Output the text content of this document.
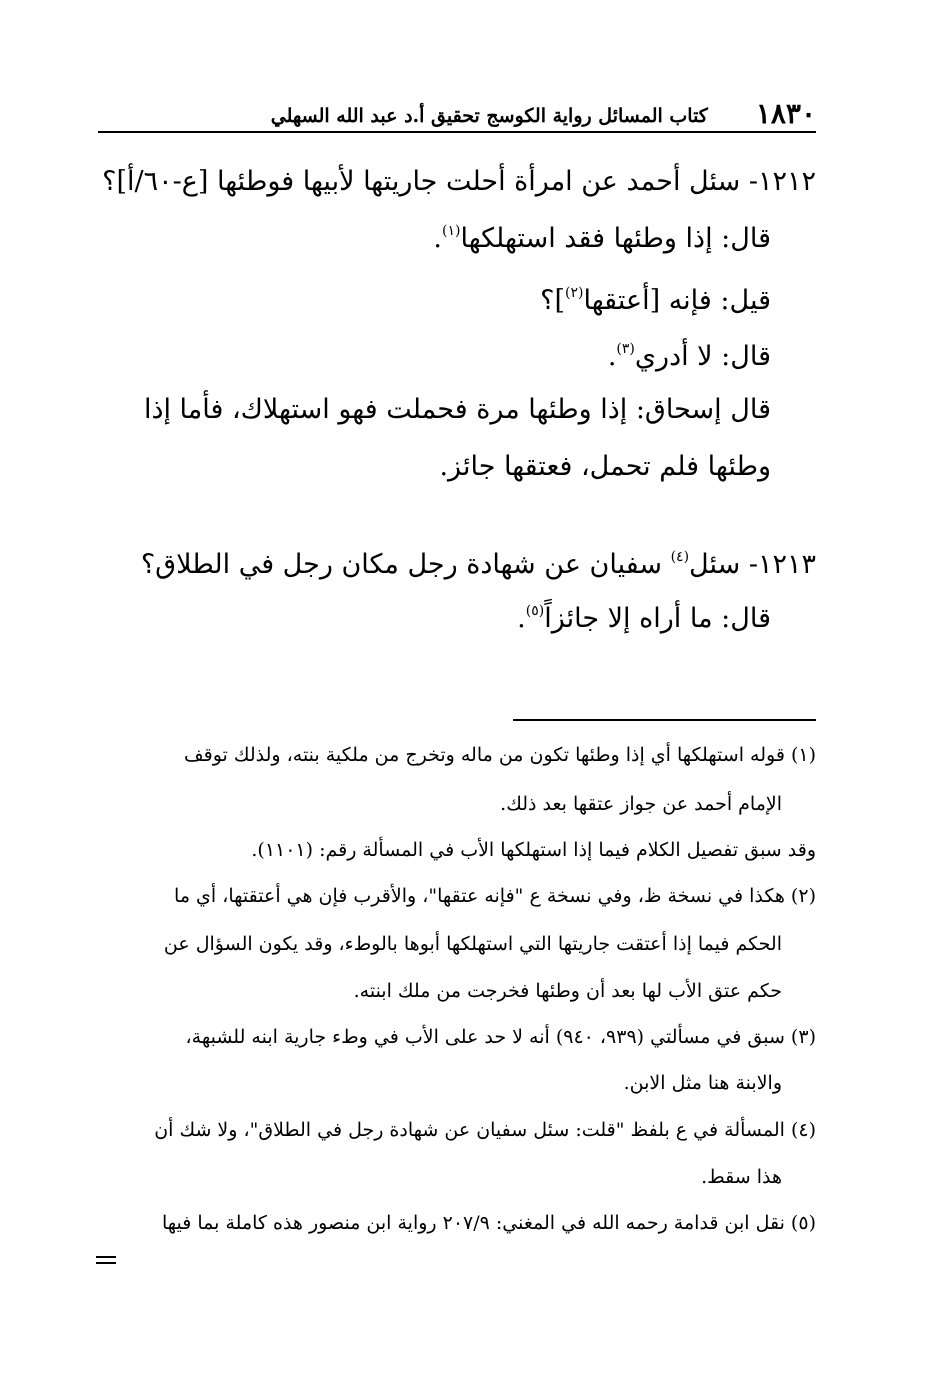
١٨٣٠
كتاب المسائل رواية الكوسج تحقيق أ.د عبد الله السهلي
١٢١٢- سئل أحمد عن امرأة أحلت جاريتها لأبيها فوطئها [ع-٦٠/أ]؟
قال: إذا وطئها فقد استهلكها$^{(١)}$.
قيل: فإنه [أعتقها$^{(٢)}$]؟
قال: لا أدري$^{(٣)}$.
قال إسحاق: إذا وطئها مرة فحملت فهو استهلاك، فأما إذا
وطئها فلم تحمل، فعتقها جائز.
١٢١٣- سئل$^{(٤)}$ سفيان عن شهادة رجل مكان رجل في الطلاق؟
قال: ما أراه إلا جائزاً$^{(٥)}$.
(١) قوله استهلكها أي إذا وطئها تكون من ماله وتخرج من ملكية بنته، ولذلك توقف
الإمام أحمد عن جواز عتقها بعد ذلك.
وقد سبق تفصيل الكلام فيما إذا استهلكها الأب في المسألة رقم: (١١٠١).
(٢) هكذا في نسخة ظ، وفي نسخة ع "فإنه عتقها"، والأقرب فإن هي أعتقتها، أي ما
الحكم فيما إذا أعتقت جاريتها التي استهلكها أبوها بالوطء، وقد يكون السؤال عن
حكم عتق الأب لها بعد أن وطئها فخرجت من ملك ابنته.
(٣) سبق في مسألتي (٩٣٩، ٩٤٠) أنه لا حد على الأب في وطء جارية ابنه للشبهة،
والابنة هنا مثل الابن.
(٤) المسألة في ع بلفظ "قلت: سئل سفيان عن شهادة رجل في الطلاق"، ولا شك أن
هذا سقط.
(٥) نقل ابن قدامة رحمه الله في المغني: ٢٠٧/٩ رواية ابن منصور هذه كاملة بما فيها
